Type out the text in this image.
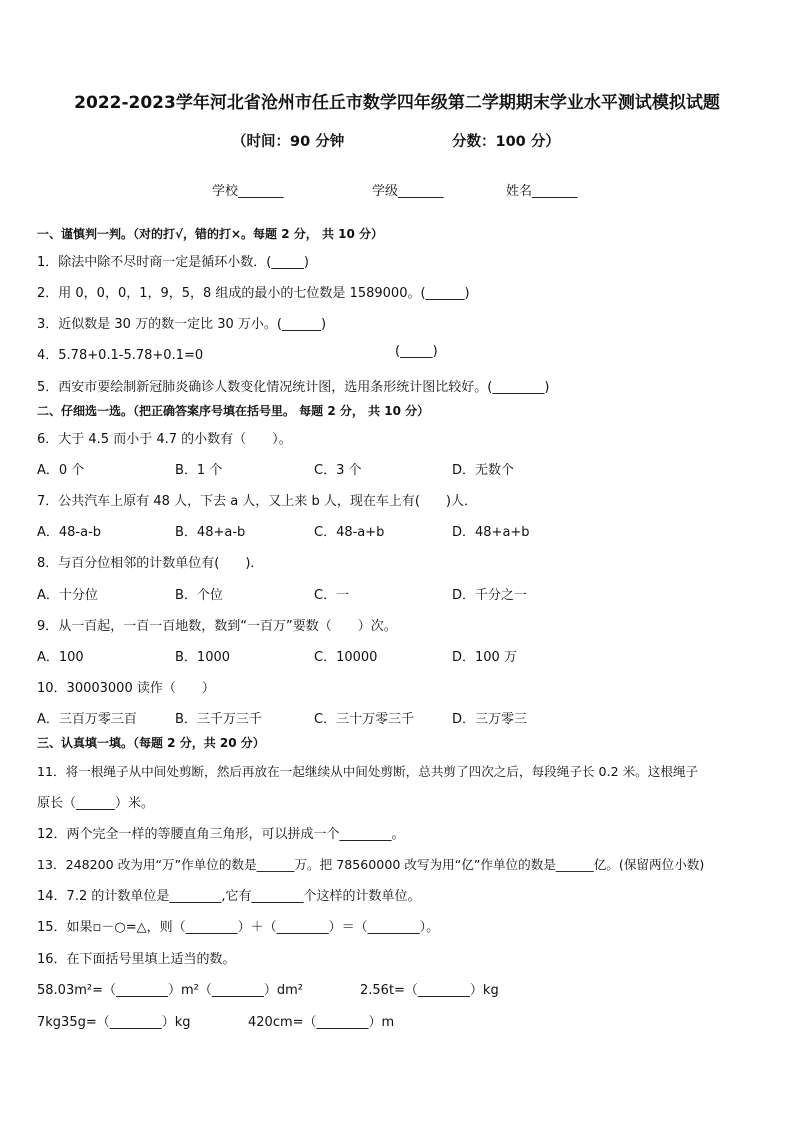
2022-2023学年河北省沧州市任丘市数学四年级第二学期期末学业水平测试模拟试题
（时间：90 分钟	分数：100 分）
学校_______	学级_______	姓名_______
一、谨慎判一判。（对的打√，错的打×。每题 2 分， 共 10 分）
1．除法中除不尽时商一定是循环小数．(_____)
2．用 0，0，0，1，9，5，8 组成的最小的七位数是 1589000。(______)
3．近似数是 30 万的数一定比 30 万小。(______)
4．5.78+0.1-5.78+0.1=0	(_____)
5．西安市要绘制新冠肺炎确诊人数变化情况统计图，选用条形统计图比较好。(________)
二、仔细选一选。（把正确答案序号填在括号里。 每题 2 分， 共 10 分）
6．大于 4.5 而小于 4.7 的小数有（　　）。
A．0 个	B．1 个	C．3 个	D．无数个
7．公共汽车上原有 48 人，下去 a 人，又上来 b 人，现在车上有(　　)人．
A．48-a-b	B．48+a-b	C．48-a+b	D．48+a+b
8．与百分位相邻的计数单位有(　　)．
A．十分位	B．个位	C．一	D．千分之一
9．从一百起，一百一百地数，数到“一百万”要数（　　）次。
A．100	B．1000	C．10000	D．100 万
10．30003000 读作（　　）
A．三百万零三百	B．三千万三千	C．三十万零三千	D．三万零三
三、认真填一填。（每题 2 分，共 20 分）
11．将一根绳子从中间处剪断，然后再放在一起继续从中间处剪断，总共剪了四次之后，每段绳子长 0.2 米。这根绳子
原长（______）米。
12．两个完全一样的等腰直角三角形，可以拼成一个________。
13．248200 改为用“万”作单位的数是______万。把 78560000 改写为用“亿”作单位的数是______亿。(保留两位小数)
14．7.2 的计数单位是________,它有________个这样的计数单位。
15．如果▫－○=△，则（________）＋（________）＝（________）。
16．在下面括号里填上适当的数。
58.03m²=（________）m²（________）dm²	2.56t=（________）kg
7kg35g=（________）kg	420cm=（________）m
